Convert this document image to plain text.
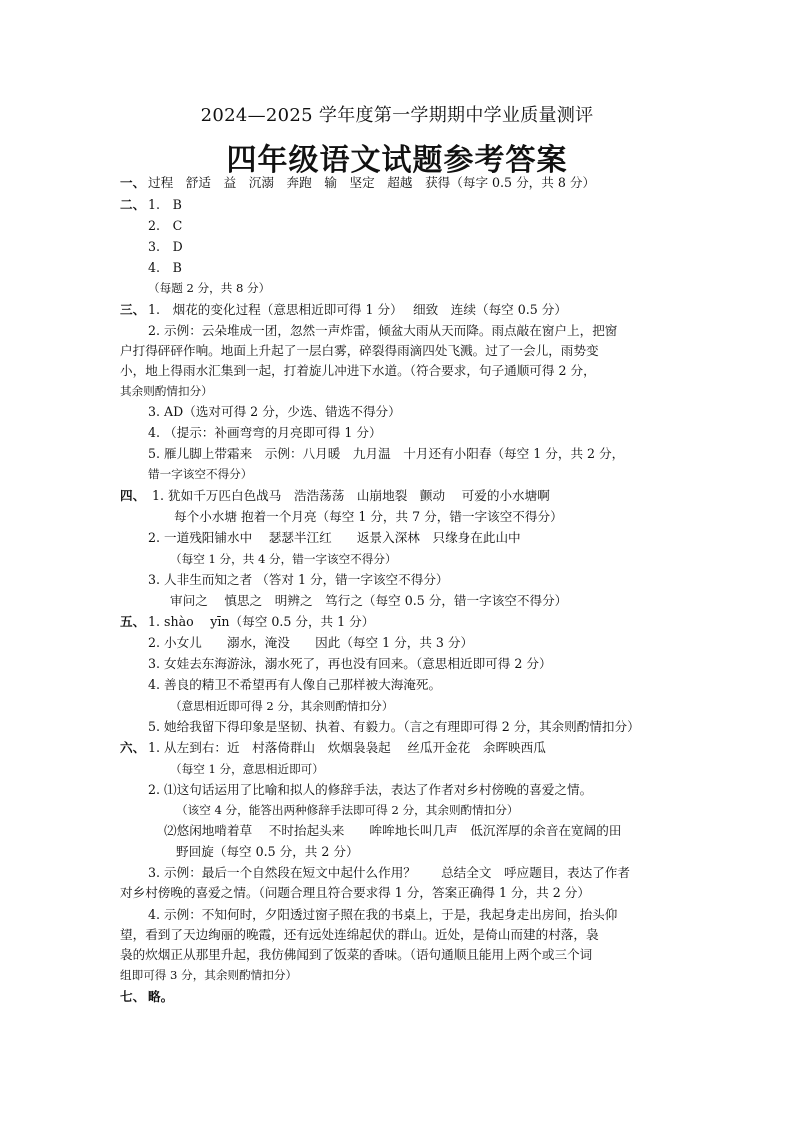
2024—2025 学年度第一学期期中学业质量测评
四年级语文试题参考答案
一、 过程　舒适　益　沉溺　奔跑　输　坚定　超越　获得（每字 0.5 分，共 8 分）
二、 1.　B
2.　C
3.　D
4.　B
（每题 2 分，共 8 分）
三、 1.　烟花的变化过程（意思相近即可得 1 分）　 细致　连续（每空 0.5 分）
2. 示例：云朵堆成一团，忽然一声炸雷，倾盆大雨从天而降。雨点敲在窗户上，把窗
户打得砰砰作响。地面上升起了一层白雾，碎裂得雨滴四处飞溅。过了一会儿，雨势变
小，地上得雨水汇集到一起，打着旋儿冲进下水道。（符合要求，句子通顺可得 2 分，
其余则酌情扣分）
3. AD（选对可得 2 分，少选、错选不得分）
4. （提示：补画弯弯的月亮即可得 1 分）
5. 雁儿脚上带霜来　示例：八月暖　九月温　十月还有小阳春（每空 1 分，共 2 分，
错一字该空不得分）
四、 1. 犹如千万匹白色战马　浩浩荡荡　山崩地裂　颤动　 可爱的小水塘啊
每个小水塘 抱着一个月亮（每空 1 分，共 7 分，错一字该空不得分）
2. 一道残阳铺水中　 瑟瑟半江红　　返景入深林　只缘身在此山中
（每空 1 分，共 4 分，错一字该空不得分）
3. 人非生而知之者 （答对 1 分，错一字该空不得分）
审问之　 慎思之　明辨之　笃行之（每空 0.5 分，错一字该空不得分）
五、 1. shào　 yīn（每空 0.5 分，共 1 分）
2. 小女儿　　溺水，淹没　　因此（每空 1 分，共 3 分）
3. 女娃去东海游泳，溺水死了，再也没有回来。（意思相近即可得 2 分）
4. 善良的精卫不希望再有人像自己那样被大海淹死。
（意思相近即可得 2 分，其余则酌情扣分）
5. 她给我留下得印象是坚韧、执着、有毅力。（言之有理即可得 2 分，其余则酌情扣分）
六、 1. 从左到右：近　村落倚群山　炊烟袅袅起　 丝瓜开金花　余晖映西瓜
（每空 1 分，意思相近即可）
2. ⑴这句话运用了比喻和拟人的修辞手法，表达了作者对乡村傍晚的喜爱之情。
（该空 4 分，能答出两种修辞手法即可得 2 分，其余则酌情扣分）
⑵悠闲地啃着草　 不时抬起头来　　哞哞地长叫几声　低沉浑厚的余音在宽阔的田
野回旋（每空 0.5 分，共 2 分）
3. 示例：最后一个自然段在短文中起什么作用？　　总结全文　呼应题目，表达了作者
对乡村傍晚的喜爱之情。（问题合理且符合要求得 1 分，答案正确得 1 分，共 2 分）
4. 示例：不知何时，夕阳透过窗子照在我的书桌上，于是，我起身走出房间，抬头仰
望，看到了天边绚丽的晚霞，还有远处连绵起伏的群山。近处，是倚山而建的村落，袅
袅的炊烟正从那里升起，我仿佛闻到了饭菜的香味。（语句通顺且能用上两个或三个词
组即可得 3 分，其余则酌情扣分）
七、 略。
